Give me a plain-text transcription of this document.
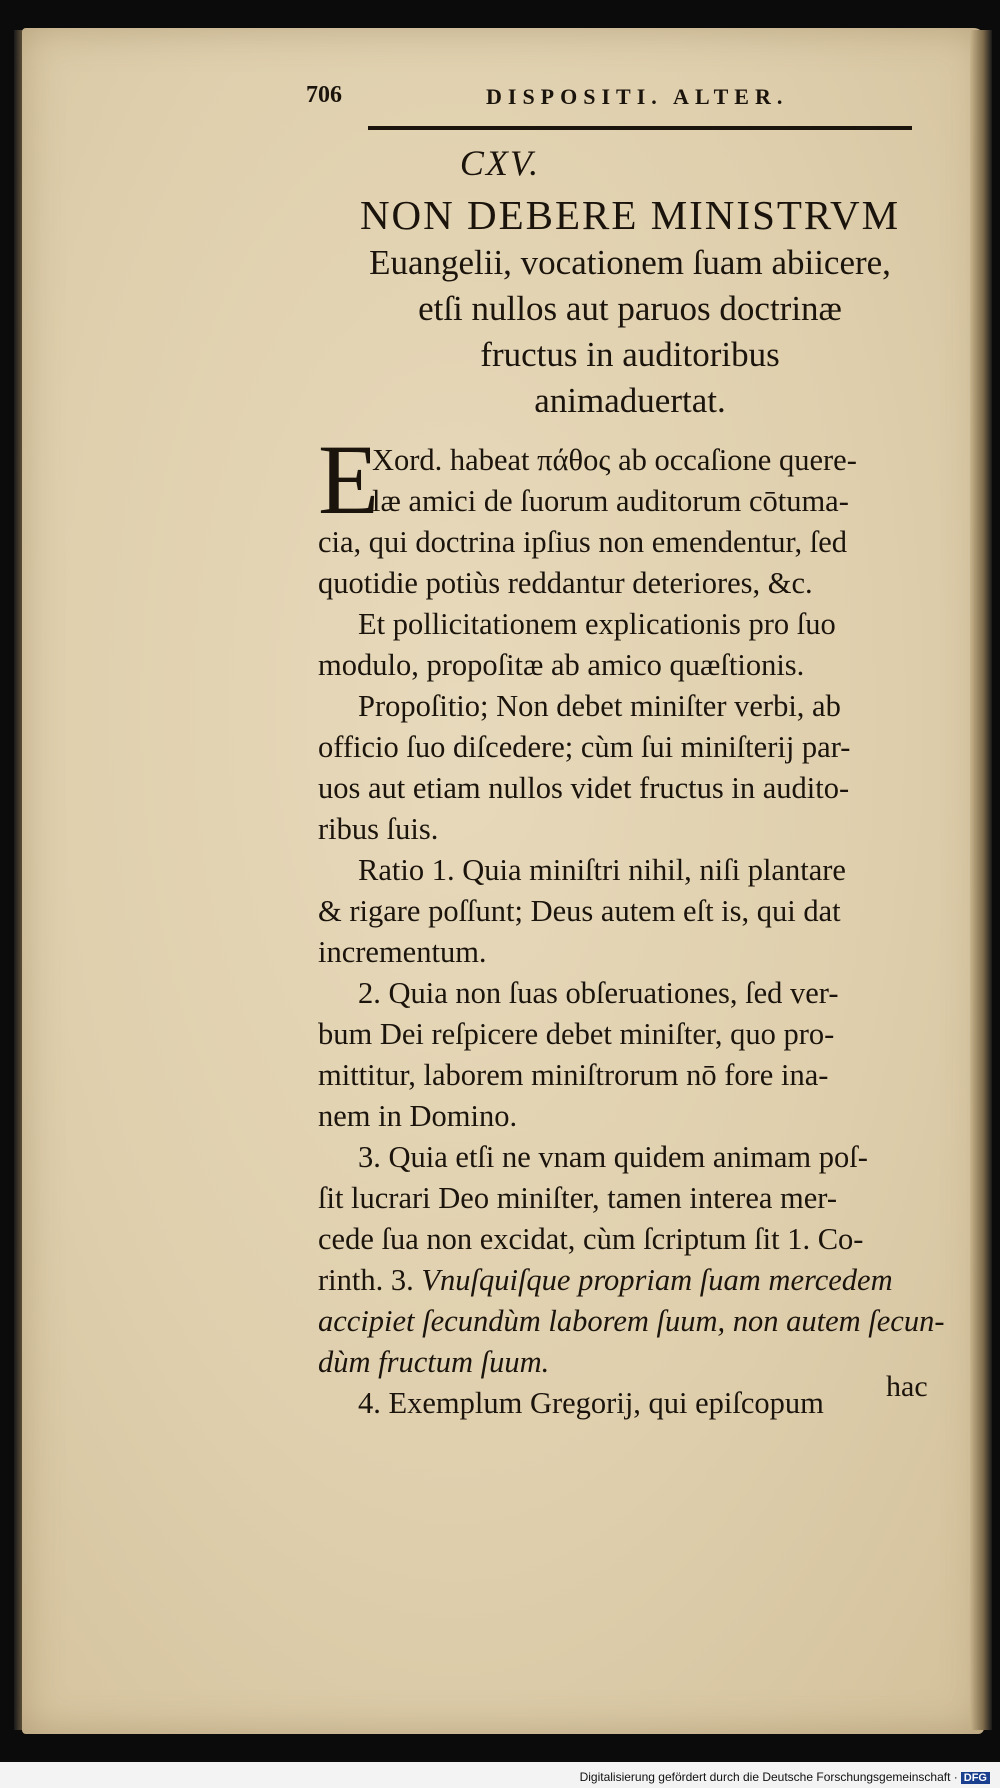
706	DISPOSITI. ALTER.
CXV.
NON DEBERE MINISTRVM
Euangelii, vocationem ſuam abiicere,
etſi nullos aut paruos doctrinæ
fructus in auditoribus
animaduertat.
E

Xord. habeat πάθος ab occaſione quere-
læ amici de ſuorum auditorum cōtuma-
cia, qui doctrina ipſius non emendentur, ſed
quotidie potiùs reddantur deteriores, &c.

Et pollicitationem explicationis pro ſuo
modulo, propoſitæ ab amico quæſtionis.

Propoſitio; Non debet miniſter verbi, ab
officio ſuo diſcedere; cùm ſui miniſterij par-
uos aut etiam nullos videt fructus in audito-
ribus ſuis.

Ratio 1. Quia miniſtri nihil, niſi plantare
& rigare poſſunt; Deus autem eſt is, qui dat
incrementum.

2. Quia non ſuas obſeruationes, ſed ver-
bum Dei reſpicere debet miniſter, quo pro-
mittitur, laborem miniſtrorum nō fore ina-
nem in Domino.

3. Quia etſi ne vnam quidem animam poſ-
ſit lucrari Deo miniſter, tamen interea mer-
cede ſua non excidat, cùm ſcriptum ſit 1. Co-
rinth. 3. Vnuſquiſque propriam ſuam mercedem
accipiet ſecundùm laborem ſuum, non autem ſecun-
dùm fructum ſuum.

4. Exemplum Gregorij, qui epiſcopum	hac
Digitalisierung gefördert durch die Deutsche Forschungsgemeinschaft · DFG
